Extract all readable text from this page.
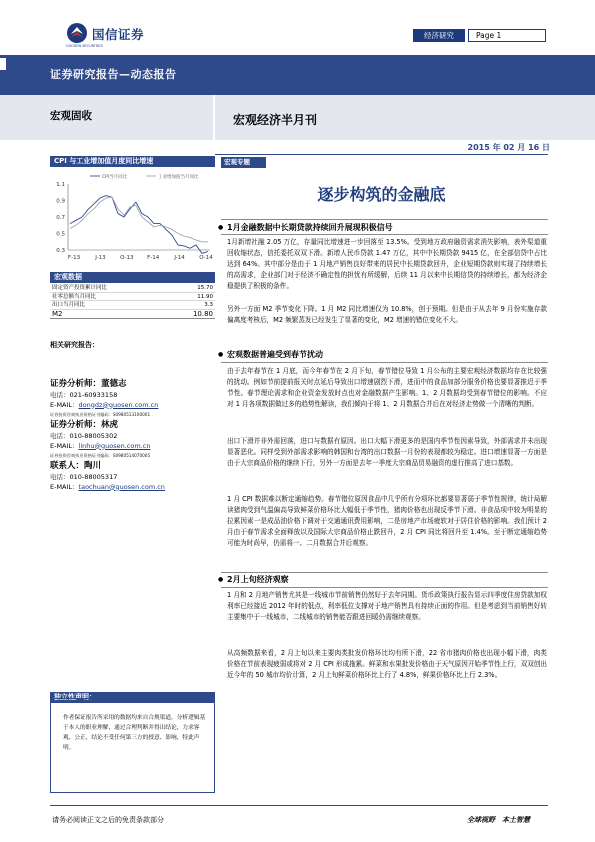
国信证券
GUOSEN SECURITIES
经济研究	Page 1
证券研究报告—动态报告
宏观固收	宏观经济半月刊
2015 年 02 月 16 日
CPI 与工业增加值月度同比增速
1.1
0.9
0.7
0.5
0.3
F-13	J-13	O-13 F-14	J-14	O-14
CPI当月同比	工业增加值当月同比
宏观数据
固定资产投资累计同比	15.70
社零总额当月同比	11.90
出口当月同比	3.3
M2	10.80
相关研究报告：
证券分析师：董德志
电话：021-60933158
E-MAIL：dongdz@guosen.com.cn
证券投资咨询执业资格证书编码：S0980513100001
证券分析师：林虎
电话：010-88005302
E-MAIL：linhu@guosen.com.cn
证券投资咨询执业资格证书编码：S0980514070005
联系人：陶川
电话：010-88005317
E-MAIL：taochuan@guosen.com.cn
独立性声明：
作者保证报告所采用的数据均来自合规渠道，分析逻辑基于本人的职业理解，通过合理判断并得出结论，力求客观、公正，结论不受任何第三方的授意、影响，特此声明。
宏观专题
逐步构筑的金融底
● 1月金融数据中长期贷款持续回升展现积极信号
1月新增社融 2.05 万亿，存量同比增速进一步回落至 13.5%。受到地方政府融资需求消失影响，表外渠道重回收缩状态，信托委托双双下滑。新增人民币贷款 1.47 万亿，其中中长期贷款 9415 亿，在全部信贷中占比达到 64%。其中部分是由于 1 月地产销售良好带来的居民中长期贷款回升，企业短期贷款则实现了持续增长的高需求，企业部门对于经济不确定性的担忧有所缓解，后续 11 月以来中长期信贷的持续增长，都为经济企稳提供了积极的条件。
另外一方面 M2 季节变化下降。1 月 M2 同比增速仅为 10.8%，创于预期。但是由于从去年 9 月份实施存款偏离度考核后，M2 频繁蒸发已经发生了显著的变化，M2 增速的错位变化不大。
● 宏观数据普遍受到春节扰动
由于去年春节在 1 月底，而今年春节在 2 月下旬，春节错位导致 1 月公布的主要宏观经济数据均存在比较强的扰动。例如节前提前报关时点延后导致出口增速剧烈下滑，进而中的食品加部分服务价格也要显著推迟于季节性。春节理论需求和企业资金发放时点也对金融数据产生影响。1、2 月数据均受到春节错位的影响。不应对 1 月各项数据做过多的趋势性解读，我们倾向于将 1、2 月数据合并后在对经济走势做一个清晰的判断。
出口下滑并非外需回落，进口与数据有原因。出口大幅下滑更多的是国内季节性因素导致，外部需求并未出现显著恶化。同样受到外部需求影响的韩国和台湾的出口数据一月份的表现都较为稳定。进口增速显著一方面是由于大宗商品价格的继续下行，另外一方面是去年一季度大宗商品贸易融资的虚行推高了进口基数。
1 月 CPI 数据难以断定通缩趋势。春节错位原因食品中几乎所有分项环比都要显著弱于季节性规律，统计局解读猪肉受到气温偏高导致鲜菜价格环比大幅低于季节性，猪肉价格也出现反季节下滑。非食品项中较为明显的拉累因素一是成品油价格下调对于交通通讯费用影响，二是房地产市场疲软对于居住价格的影响。我们预计 2 月由于春节需求全面释放以及国际大宗商品价格止跌回升，2 月 CPI 同比将回升至 1.4%。至于断定通缩趋势可能为时尚早，仍需将一、二月数据合并后观察。
● 2月上旬经济观察
1 月和 2 月地产销售尤其是一线城市节前销售仍然好于去年同期。货币政策执行报告显示四季度住房贷款加权利率已经接近 2012 年时的低点，利率低位支撑对于地产销售具有持续正面的作用。但是考虑到当前销售好转主要集中于一线城市，二线城市的销售能否跟进回暖仍需继续观察。
从高频数据来看，2 月上旬以来主要肉类批发价格环比均有所下滑，22 省市猪肉价格也出现小幅下滑，肉类价格在节前表现疲弱或将对 2 月 CPI 形成拖累。鲜菜和水果批发价格由于天气原因开始季节性上行，双双创出近今年的 50 城市均价计算，2 月上旬鲜菜价格环比上行了 4.8%，鲜果价格环比上行 2.3%。
请务必阅读正文之后的免责条款部分	全球视野　本土智慧
